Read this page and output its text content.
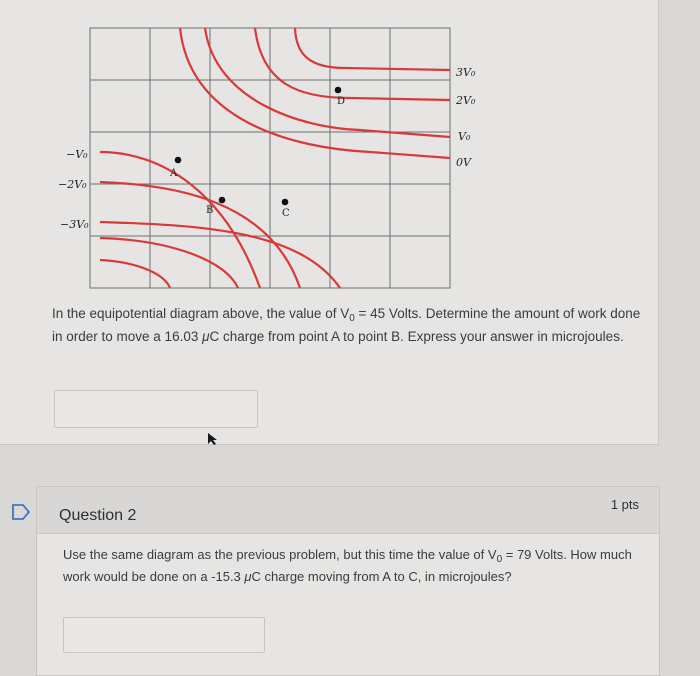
A
B	C
D
3V₀
2V₀
V₀
0V
−V₀
−2V₀
−3V₀
In the equipotential diagram above, the value of $V_0 = 45$ Volts. Determine the amount of work done in order to move a 16.03 μC charge from point A to point B. Express your answer in microjoules.
Question 2
1 pts
Use the same diagram as the previous problem, but this time the value of $V_0 = 79$ Volts. How much work would be done on a -15.3 μC charge moving from A to C, in microjoules?
